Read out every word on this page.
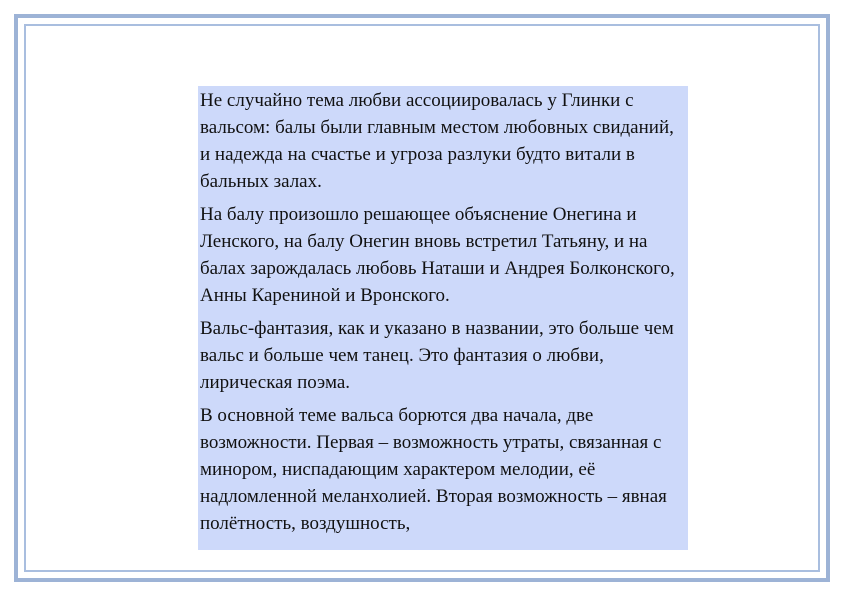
Не случайно тема любви ассоциировалась у Глинки с вальсом: балы были главным местом любовных свиданий, и надежда на счастье и угроза разлуки будто витали в бальных залах.

На балу произошло решающее объяснение Онегина и Ленского, на балу Онегин вновь встретил Татьяну, и на балах зарождалась любовь Наташи и Андрея Болконского, Анны Карениной и Вронского.

Вальс-фантазия, как и указано в названии, это больше чем вальс и больше чем танец. Это фантазия о любви, лирическая поэма.

В основной теме вальса борются два начала, две возможности. Первая – возможность утраты, связанная с минором, ниспадающим характером мелодии, её надломленной меланхолией. Вторая возможность – явная полётность, воздушность,
